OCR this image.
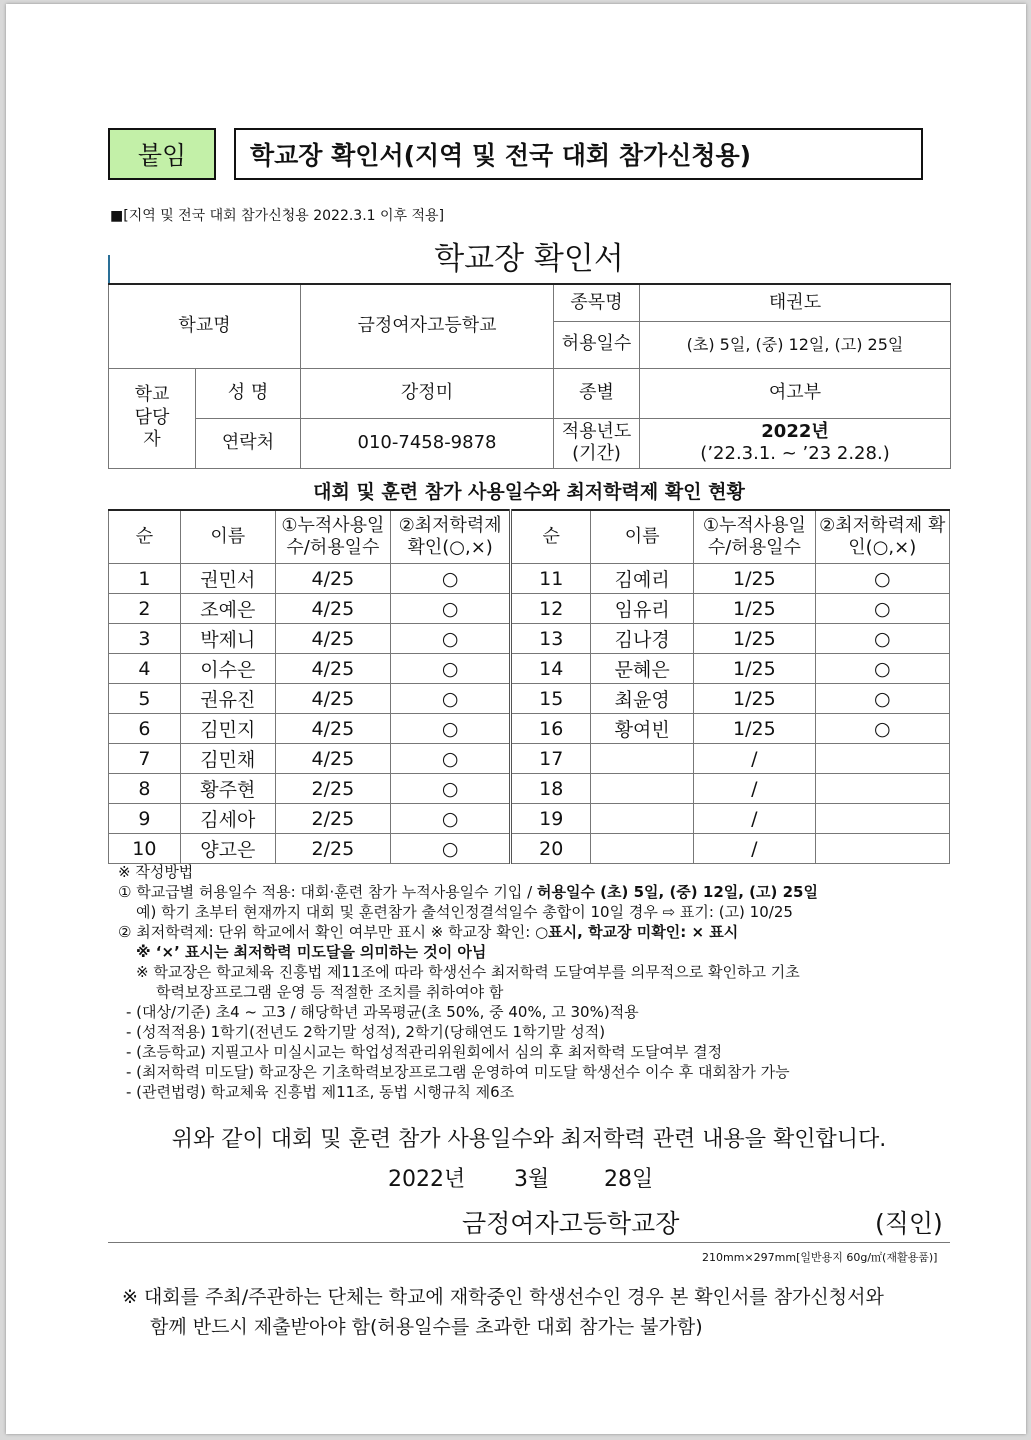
붙임	학교장 확인서(지역 및 전국 대회 참가신청용)
■[지역 및 전국 대회 참가신청용 2022.3.1 이후 적용]
학교장 확인서
학교명		금정여자고등학교	종목명	태권도
			허용일수	(초) 5일, (중) 12일, (고) 25일
학교 담당자	성 명	강정미	종별	여고부
	연락처	010-7458-9878	적용년도 (기간)	2022년
(’22.3.1. ~ ’23 2.28.)
대회 및 훈련 참가 사용일수와 최저학력제 확인 현황
순	이름	①누적사용일수/허용일수	②최저학력제 확인(○,×)	순	이름	①누적사용일수/허용일수	②최저학력제 확인(○,×)
1	권민서	4/25	○	11	김예리	1/25	○
2	조예은	4/25	○	12	임유리	1/25	○
3	박제니	4/25	○	13	김나경	1/25	○
4	이수은	4/25	○	14	문혜은	1/25	○
5	권유진	4/25	○	15	최윤영	1/25	○
6	김민지	4/25	○	16	황여빈	1/25	○
7	김민채	4/25	○	17		/	
8	황주현	2/25	○	18		/	
9	김세아	2/25	○	19		/	
10	양고은	2/25	○	20		/	
※ 작성방법
① 학교급별 허용일수 적용: 대회·훈련 참가 누적사용일수 기입 / 허용일수 (초) 5일, (중) 12일, (고) 25일
예) 학기 초부터 현재까지 대회 및 훈련참가 출석인정결석일수 총합이 10일 경우 ⇨ 표기: (고) 10/25
② 최저학력제: 단위 학교에서 확인 여부만 표시 ※ 학교장 확인: ○표시, 학교장 미확인: × 표시
※ ‘×’ 표시는 최저학력 미도달을 의미하는 것이 아님
※ 학교장은 학교체육 진흥법 제11조에 따라 학생선수 최저학력 도달여부를 의무적으로 확인하고 기초
학력보장프로그램 운영 등 적절한 조치를 취하여야 함
- (대상/기준) 초4 ~ 고3 / 해당학년 과목평균(초 50%, 중 40%, 고 30%)적용
- (성적적용) 1학기(전년도 2학기말 성적), 2학기(당해연도 1학기말 성적)
- (초등학교) 지필고사 미실시교는 학업성적관리위원회에서 심의 후 최저학력 도달여부 결정
- (최저학력 미도달) 학교장은 기초학력보장프로그램 운영하여 미도달 학생선수 이수 후 대회참가 가능
- (관련법령) 학교체육 진흥법 제11조, 동법 시행규칙 제6조
위와 같이 대회 및 훈련 참가 사용일수와 최저학력 관련 내용을 확인합니다.
2022년 3월 28일
금정여자고등학교장	(직인)
210mm×297mm[일반용지 60g/㎡(재활용품)]
※ 대회를 주최/주관하는 단체는 학교에 재학중인 학생선수인 경우 본 확인서를 참가신청서와
함께 반드시 제출받아야 함(허용일수를 초과한 대회 참가는 불가함)
